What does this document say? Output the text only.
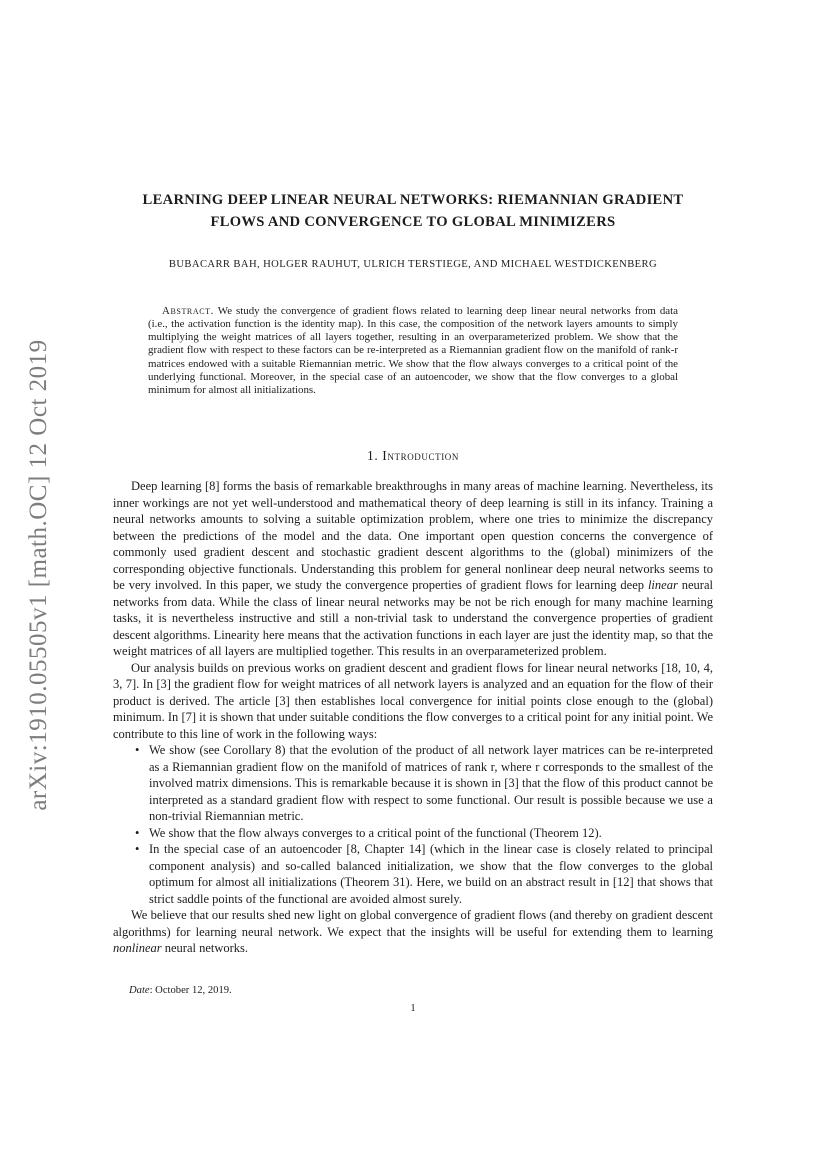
arXiv:1910.05505v1 [math.OC] 12 Oct 2019
LEARNING DEEP LINEAR NEURAL NETWORKS: RIEMANNIAN GRADIENT
FLOWS AND CONVERGENCE TO GLOBAL MINIMIZERS
BUBACARR BAH, HOLGER RAUHUT, ULRICH TERSTIEGE, AND MICHAEL WESTDICKENBERG
Abstract. We study the convergence of gradient flows related to learning deep linear neural networks from data (i.e., the activation function is the identity map). In this case, the composition of the network layers amounts to simply multiplying the weight matrices of all layers together, resulting in an overparameterized problem. We show that the gradient flow with respect to these factors can be re-interpreted as a Riemannian gradient flow on the manifold of rank-r matrices endowed with a suitable Riemannian metric. We show that the flow always converges to a critical point of the underlying functional. Moreover, in the special case of an autoencoder, we show that the flow converges to a global minimum for almost all initializations.
1. Introduction

Deep learning [8] forms the basis of remarkable breakthroughs in many areas of machine learning. Nevertheless, its inner workings are not yet well-understood and mathematical theory of deep learning is still in its infancy. Training a neural networks amounts to solving a suitable optimization problem, where one tries to minimize the discrepancy between the predictions of the model and the data. One important open question concerns the convergence of commonly used gradient descent and stochastic gradient descent algorithms to the (global) minimizers of the corresponding objective functionals. Understanding this problem for general nonlinear deep neural networks seems to be very involved. In this paper, we study the convergence properties of gradient flows for learning deep linear neural networks from data. While the class of linear neural networks may be not be rich enough for many machine learning tasks, it is nevertheless instructive and still a non-trivial task to understand the convergence properties of gradient descent algorithms. Linearity here means that the activation functions in each layer are just the identity map, so that the weight matrices of all layers are multiplied together. This results in an overparameterized problem.

Our analysis builds on previous works on gradient descent and gradient flows for linear neural networks [18, 10, 4, 3, 7]. In [3] the gradient flow for weight matrices of all network layers is analyzed and an equation for the flow of their product is derived. The article [3] then establishes local convergence for initial points close enough to the (global) minimum. In [7] it is shown that under suitable conditions the flow converges to a critical point for any initial point. We contribute to this line of work in the following ways:

• We show (see Corollary 8) that the evolution of the product of all network layer matrices can be re-interpreted as a Riemannian gradient flow on the manifold of matrices of rank r, where r corresponds to the smallest of the involved matrix dimensions. This is remarkable because it is shown in [3] that the flow of this product cannot be interpreted as a standard gradient flow with respect to some functional. Our result is possible because we use a non-trivial Riemannian metric.
• We show that the flow always converges to a critical point of the functional (Theorem 12).
• In the special case of an autoencoder [8, Chapter 14] (which in the linear case is closely related to principal component analysis) and so-called balanced initialization, we show that the flow converges to the global optimum for almost all initializations (Theorem 31). Here, we build on an abstract result in [12] that shows that strict saddle points of the functional are avoided almost surely.

We believe that our results shed new light on global convergence of gradient flows (and thereby on gradient descent algorithms) for learning neural network. We expect that the insights will be useful for extending them to learning nonlinear neural networks.

Date: October 12, 2019.
1
